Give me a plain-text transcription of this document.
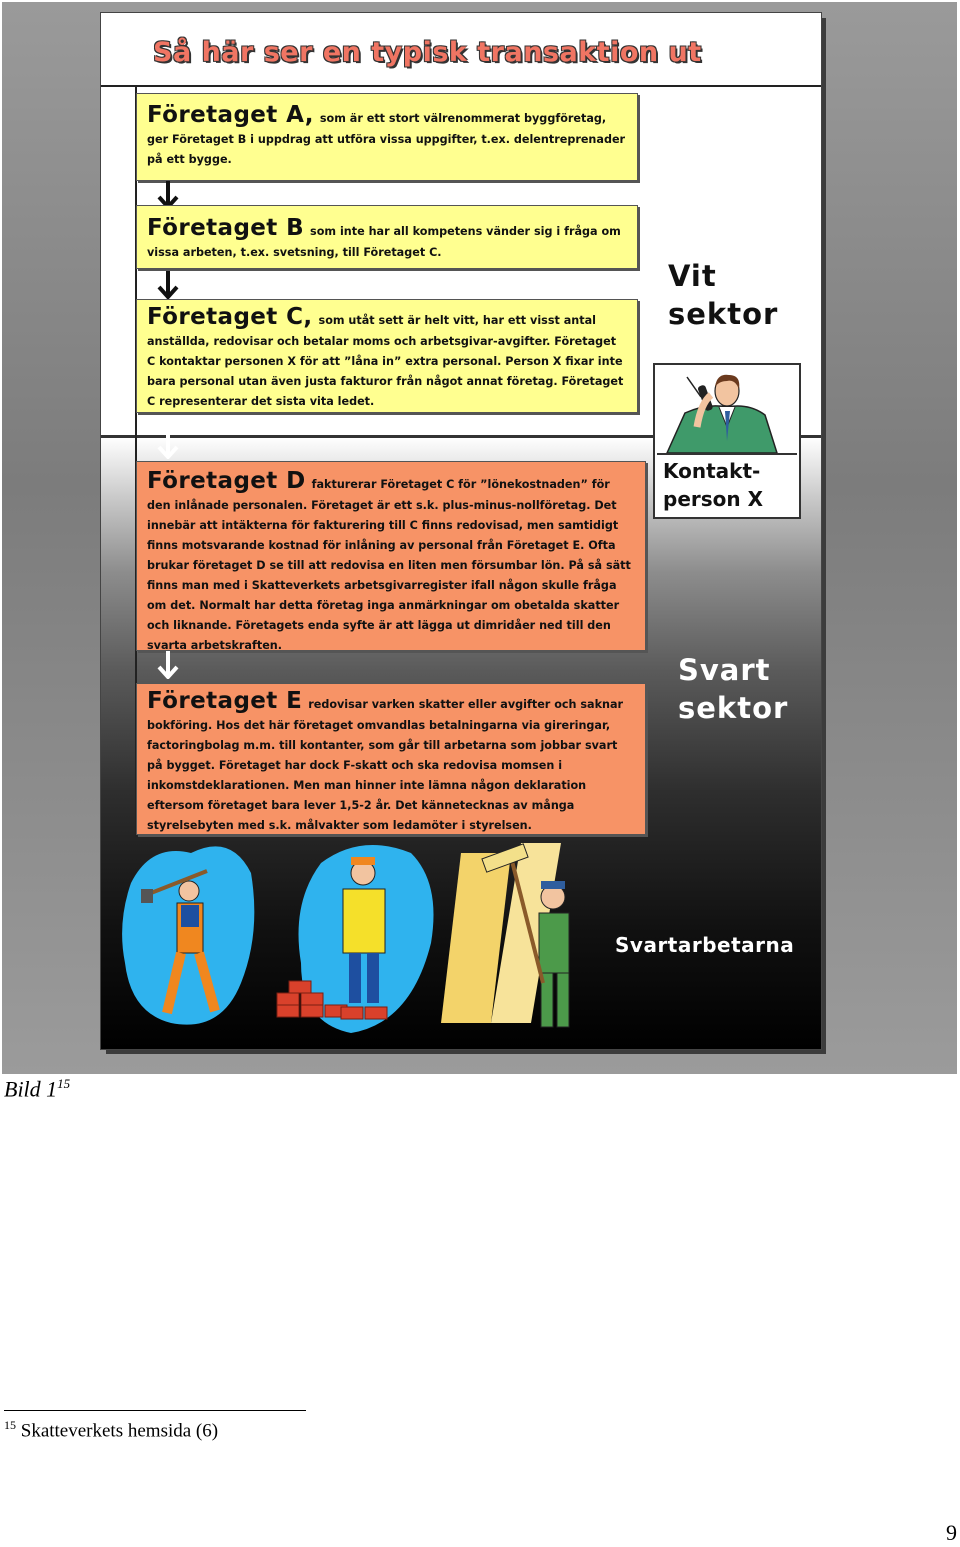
Så här ser en typisk transaktion ut
Företaget A, som är ett stort välrenommerat byggföretag, ger Företaget B i uppdrag att utföra vissa uppgifter, t.ex. delentreprenader på ett bygge.
Företaget B som inte har all kompetens vänder sig i fråga om vissa arbeten, t.ex. svetsning, till Företaget C.
Företaget C, som utåt sett är helt vitt, har ett visst antal anställda, redovisar och betalar moms och arbetsgivar-avgifter. Företaget C kontaktar personen X för att ”låna in” extra personal. Person X fixar inte bara personal utan även justa fakturor från något annat företag. Företaget C representerar det sista vita ledet.
Företaget D fakturerar Företaget C för ”lönekostnaden” för den inlånade personalen. Företaget är ett s.k. plus-minus-nollföretag. Det innebär att intäkterna för fakturering till C finns redovisad, men samtidigt finns motsvarande kostnad för inlåning av personal från Företaget E. Ofta brukar företaget D se till att redovisa en liten men försumbar lön. På så sätt finns man med i Skatteverkets arbetsgivarregister ifall någon skulle fråga om det. Normalt har detta företag inga anmärkningar om obetalda skatter och liknande. Företagets enda syfte är att lägga ut dimridåer ned till den svarta arbetskraften.
Företaget E redovisar varken skatter eller avgifter och saknar bokföring. Hos det här företaget omvandlas betalningarna via gireringar, factoringbolag m.m. till kontanter, som går till arbetarna som jobbar svart på bygget. Företaget har dock F-skatt och ska redovisa momsen i inkomstdeklarationen. Men man hinner inte lämna någon deklaration eftersom företaget bara lever 1,5-2 år. Det kännetecknas av många styrelsebyten med s.k. målvakter som ledamöter i styrelsen.
Vit sektor
Svart sektor
Kontakt- person X
Svartarbetarna
Bild $1^{15}$
$^{15}$ Skatteverkets hemsida (6)
9
